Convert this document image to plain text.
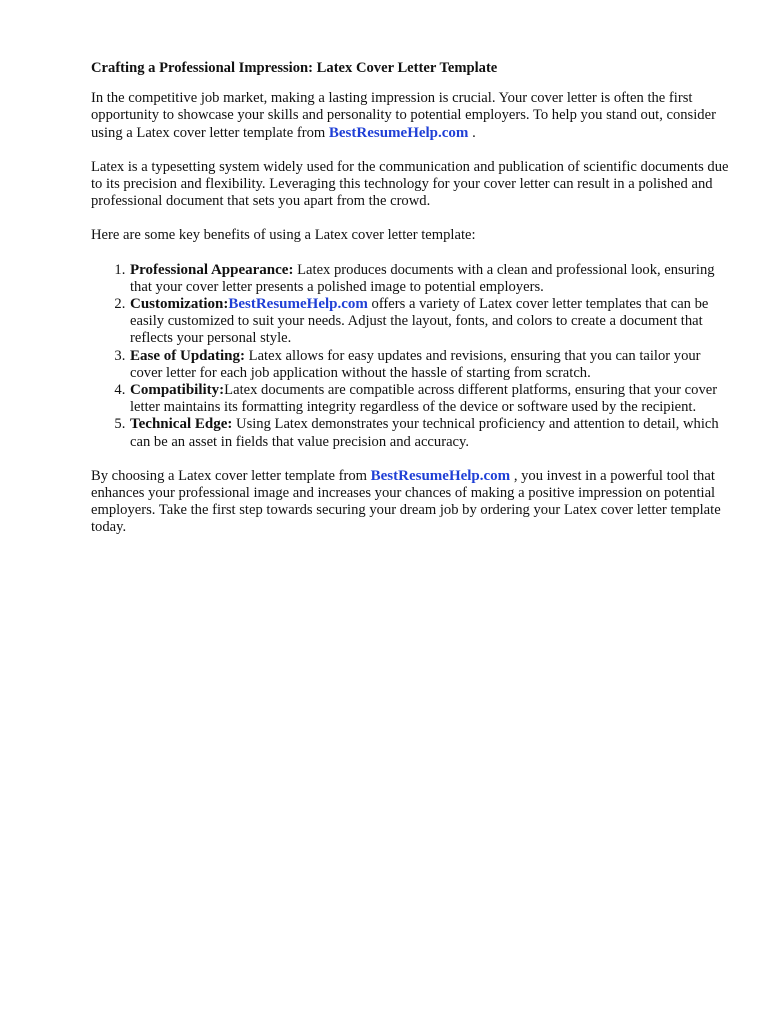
Crafting a Professional Impression: Latex Cover Letter Template

In the competitive job market, making a lasting impression is crucial. Your cover letter is often the first opportunity to showcase your skills and personality to potential employers. To help you stand out, consider using a Latex cover letter template from BestResumeHelp.com .

Latex is a typesetting system widely used for the communication and publication of scientific documents due to its precision and flexibility. Leveraging this technology for your cover letter can result in a polished and professional document that sets you apart from the crowd.

Here are some key benefits of using a Latex cover letter template:

1. Professional Appearance: Latex produces documents with a clean and professional look, ensuring that your cover letter presents a polished image to potential employers.
2. Customization:BestResumeHelp.com offers a variety of Latex cover letter templates that can be easily customized to suit your needs. Adjust the layout, fonts, and colors to create a document that reflects your personal style.
3. Ease of Updating: Latex allows for easy updates and revisions, ensuring that you can tailor your cover letter for each job application without the hassle of starting from scratch.
4. Compatibility:Latex documents are compatible across different platforms, ensuring that your cover letter maintains its formatting integrity regardless of the device or software used by the recipient.
5. Technical Edge: Using Latex demonstrates your technical proficiency and attention to detail, which can be an asset in fields that value precision and accuracy.

By choosing a Latex cover letter template from BestResumeHelp.com , you invest in a powerful tool that enhances your professional image and increases your chances of making a positive impression on potential employers. Take the first step towards securing your dream job by ordering your Latex cover letter template today.
